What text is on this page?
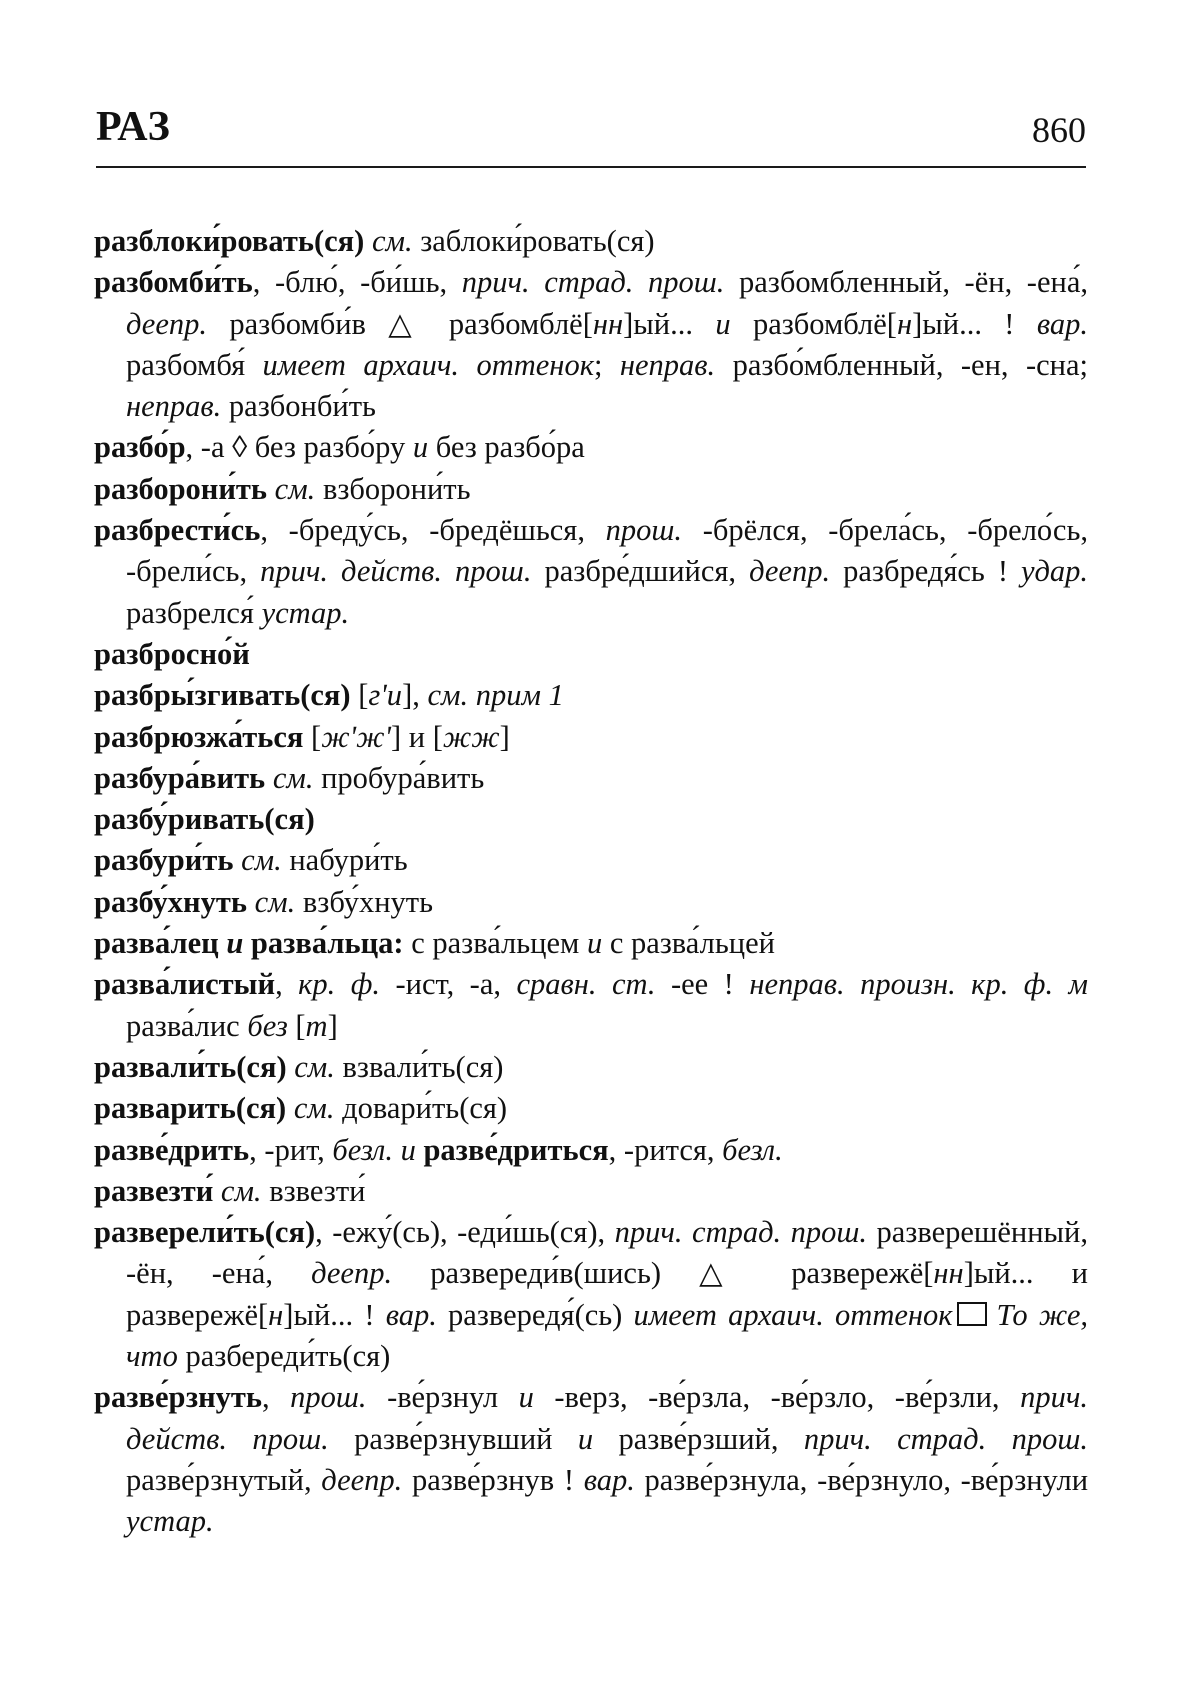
РАЗ	860

разблоки́ровать(ся) см. заблоки́ровать(ся)

разбомби́ть, -блю́, -би́шь, прич. страд. прош. разбомбленный, -ён, -ена́, деепр. разбомби́в △ разбомблё[нн]ый... и разбомблё[н]ый... ! вар. разбомбя́ имеет архаич. оттенок; неправ. разбо́мбленный, -ен, -сна; неправ. разбонби́ть

разбо́р, -а ◊ без разбо́ру и без разбо́ра

разборони́ть см. взборони́ть

разбрести́сь, -бреду́сь, -бредёшься, прош. -брёлся, -брела́сь, -брело́сь, -брели́сь, прич. действ. прош. разбре́дшийся, деепр. разбредя́сь ! удар. разбрелся́ устар.

разбросно́й

разбры́згивать(ся) [гʹи], см. прим 1

разбрюзжа́ться [жʹжʹ] и [жж]

разбура́вить см. пробура́вить

разбу́ривать(ся)

разбури́ть см. набури́ть

разбу́хнуть см. взбу́хнуть

разва́лец и разва́льца: с разва́льцем и с разва́льцей

разва́листый, кр. ф. -ист, -а, сравн. ст. -ее ! неправ. произн. кр. ф. м разва́лис без [т]

развали́ть(ся) см. взвали́ть(ся)

разварить(ся) см. довари́ть(ся)

разве́дрить, -рит, безл. и разве́дриться, -рится, безл.

развезти́ см. взвезти́

разверели́ть(ся), -ежу́(сь), -еди́шь(ся), прич. страд. прош. разверешённый, -ён, -ена́, деепр. развереди́в(шись) △ развережё[нн]ый... и развережё[н]ый... ! вар. развередя́(сь) имеет архаич. оттенок То же, что разбереди́ть(ся)

разве́рзнуть, прош. -ве́рзнул и -верз, -ве́рзла, -ве́рзло, -ве́рзли, прич. действ. прош. разве́рзнувший и разве́рзший, прич. страд. прош. разве́рзнутый, деепр. разве́рзнув ! вар. разве́рзнула, -ве́рзнуло, -ве́рзнули устар.
